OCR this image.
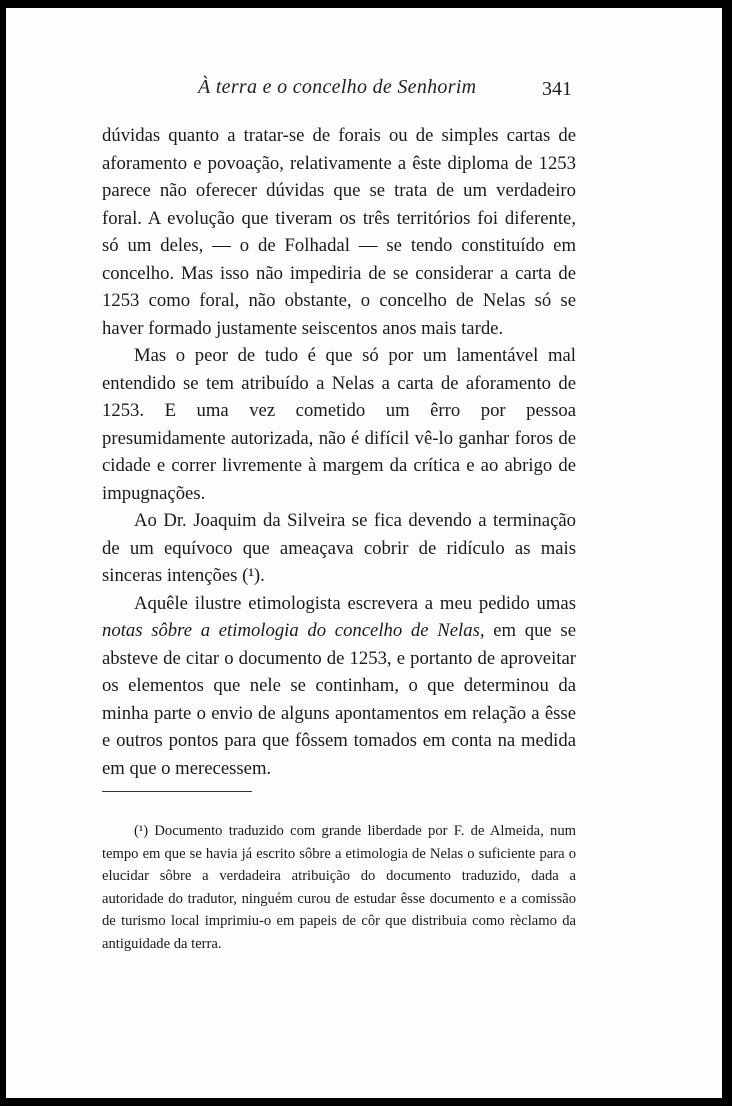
À terra e o concelho de Senhorim	341

dúvidas quanto a tratar-se de forais ou de simples cartas de aforamento e povoação, relativamente a êste diploma de 1253 parece não oferecer dúvidas que se trata de um verdadeiro foral. A evolução que tiveram os três territórios foi diferente, só um deles, — o de Folhadal — se tendo constituído em concelho. Mas isso não impediria de se considerar a carta de 1253 como foral, não obstante, o concelho de Nelas só se haver formado justamente seiscentos anos mais tarde.

Mas o peor de tudo é que só por um lamentável mal entendido se tem atribuído a Nelas a carta de aforamento de 1253. E uma vez cometido um êrro por pessoa presumidamente autorizada, não é difícil vê-lo ganhar foros de cidade e correr livremente à margem da crítica e ao abrigo de impugnações.

Ao Dr. Joaquim da Silveira se fica devendo a terminação de um equívoco que ameaçava cobrir de ridículo as mais sinceras intenções (¹).

Aquêle ilustre etimologista escrevera a meu pedido umas notas sôbre a etimologia do concelho de Nelas, em que se absteve de citar o documento de 1253, e portanto de aproveitar os elementos que nele se continham, o que determinou da minha parte o envio de alguns apontamentos em relação a êsse e outros pontos para que fôssem tomados em conta na medida em que o merecessem.

(¹) Documento traduzido com grande liberdade por F. de Almeida, num tempo em que se havia já escrito sôbre a etimologia de Nelas o suficiente para o elucidar sôbre a verdadeira atribuição do documento traduzido, dada a autoridade do tradutor, ninguém curou de estudar êsse documento e a comissão de turismo local imprimiu-o em papeis de côr que distribuia como rèclamo da antiguidade da terra.
